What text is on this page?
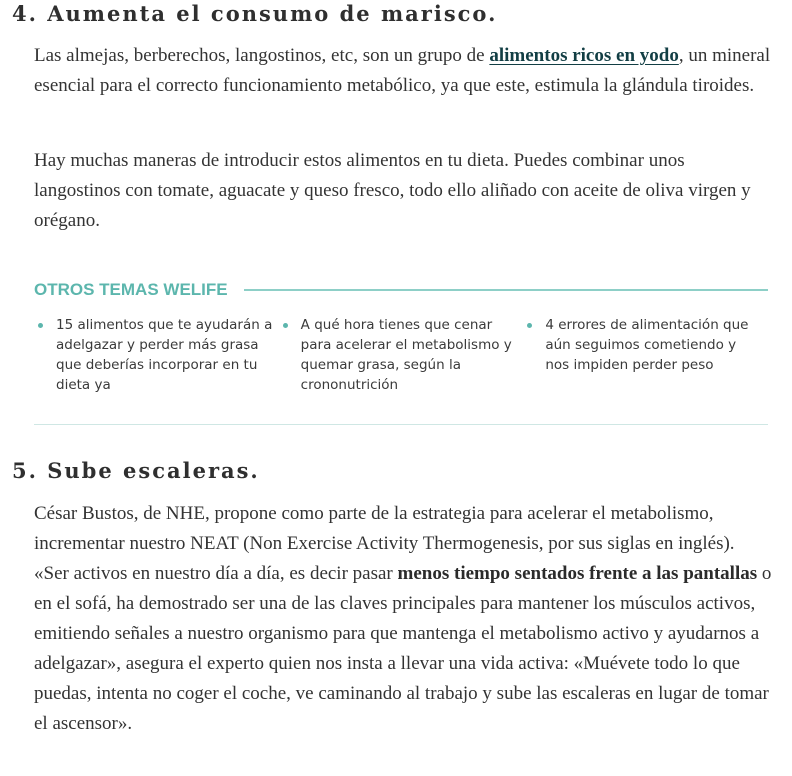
4. Aumenta el consumo de marisco.

Las almejas, berberechos, langostinos, etc, son un grupo de alimentos ricos en yodo, un mineral esencial para el correcto funcionamiento metabólico, ya que este, estimula la glándula tiroides.

Hay muchas maneras de introducir estos alimentos en tu dieta. Puedes combinar unos langostinos con tomate, aguacate y queso fresco, todo ello aliñado con aceite de oliva virgen y orégano.

OTROS TEMAS WELIFE
15 alimentos que te ayudarán a adelgazar y perder más grasa que deberías incorporar en tu dieta ya
A qué hora tienes que cenar para acelerar el metabolismo y quemar grasa, según la crononutrición
4 errores de alimentación que aún seguimos cometiendo y nos impiden perder peso
5. Sube escaleras.

César Bustos, de NHE, propone como parte de la estrategia para acelerar el metabolismo, incrementar nuestro NEAT (Non Exercise Activity Thermogenesis, por sus siglas en inglés). «Ser activos en nuestro día a día, es decir pasar menos tiempo sentados frente a las pantallas o en el sofá, ha demostrado ser una de las claves principales para mantener los músculos activos, emitiendo señales a nuestro organismo para que mantenga el metabolismo activo y ayudarnos a adelgazar», asegura el experto quien nos insta a llevar una vida activa: «Muévete todo lo que puedas, intenta no coger el coche, ve caminando al trabajo y sube las escaleras en lugar de tomar el ascensor».
